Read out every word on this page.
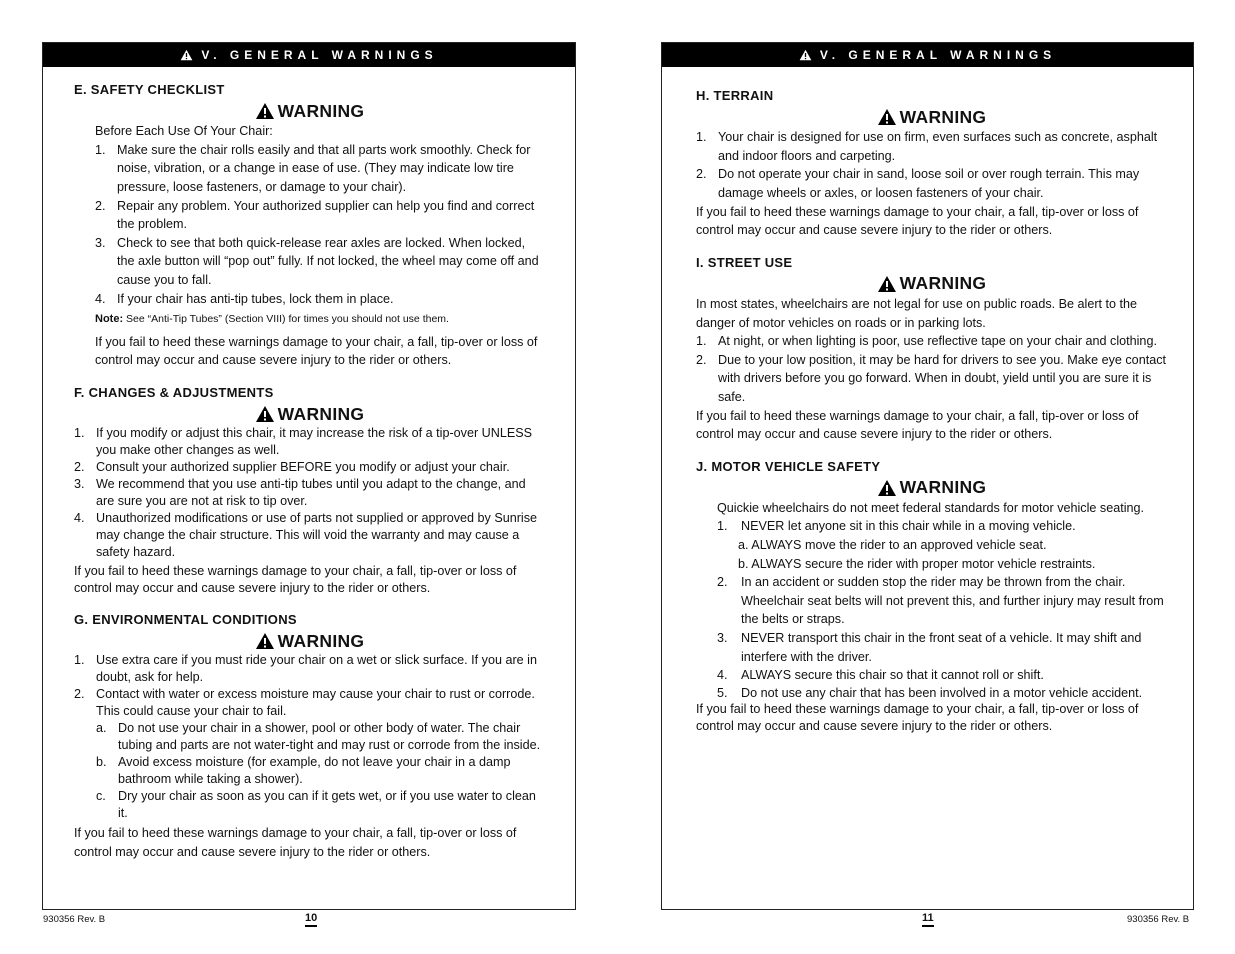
V. GENERAL WARNINGS
E. SAFETY CHECKLIST
WARNING
Before Each Use Of Your Chair:
1. Make sure the chair rolls easily and that all parts work smoothly. Check for noise, vibration, or a change in ease of use. (They may indicate low tire pressure, loose fasteners, or damage to your chair).
2. Repair any problem. Your authorized supplier can help you find and correct the problem.
3. Check to see that both quick-release rear axles are locked. When locked, the axle button will “pop out” fully. If not locked, the wheel may come off and cause you to fall.
4. If your chair has anti-tip tubes, lock them in place.
Note: See “Anti-Tip Tubes” (Section VIII) for times you should not use them.
If you fail to heed these warnings damage to your chair, a fall, tip-over or loss of control may occur and cause severe injury to the rider or others.
F. CHANGES & ADJUSTMENTS
WARNING
1. If you modify or adjust this chair, it may increase the risk of a tip-over UNLESS you make other changes as well.
2. Consult your authorized supplier BEFORE you modify or adjust your chair.
3. We recommend that you use anti-tip tubes until you adapt to the change, and are sure you are not at risk to tip over.
4. Unauthorized modifications or use of parts not supplied or approved by Sunrise may change the chair structure. This will void the warranty and may cause a safety hazard.
If you fail to heed these warnings damage to your chair, a fall, tip-over or loss of control may occur and cause severe injury to the rider or others.
G. ENVIRONMENTAL CONDITIONS
WARNING
1. Use extra care if you must ride your chair on a wet or slick surface. If you are in doubt, ask for help.
2. Contact with water or excess moisture may cause your chair to rust or corrode. This could cause your chair to fail.
a. Do not use your chair in a shower, pool or other body of water. The chair tubing and parts are not water-tight and may rust or corrode from the inside.
b. Avoid excess moisture (for example, do not leave your chair in a damp bathroom while taking a shower).
c. Dry your chair as soon as you can if it gets wet, or if you use water to clean it.
If you fail to heed these warnings damage to your chair, a fall, tip-over or loss of control may occur and cause severe injury to the rider or others.
V. GENERAL WARNINGS
H. TERRAIN
WARNING
1. Your chair is designed for use on firm, even surfaces such as concrete, asphalt and indoor floors and carpeting.
2. Do not operate your chair in sand, loose soil or over rough terrain. This may damage wheels or axles, or loosen fasteners of your chair.
If you fail to heed these warnings damage to your chair, a fall, tip-over or loss of control may occur and cause severe injury to the rider or others.
I. STREET USE
WARNING
In most states, wheelchairs are not legal for use on public roads. Be alert to the danger of motor vehicles on roads or in parking lots.
1. At night, or when lighting is poor, use reflective tape on your chair and clothing.
2. Due to your low position, it may be hard for drivers to see you. Make eye contact with drivers before you go forward. When in doubt, yield until you are sure it is safe.
If you fail to heed these warnings damage to your chair, a fall, tip-over or loss of control may occur and cause severe injury to the rider or others.
J. MOTOR VEHICLE SAFETY
WARNING
Quickie wheelchairs do not meet federal standards for motor vehicle seating.
1. NEVER let anyone sit in this chair while in a moving vehicle.
a. ALWAYS move the rider to an approved vehicle seat.
b. ALWAYS secure the rider with proper motor vehicle restraints.
2. In an accident or sudden stop the rider may be thrown from the chair. Wheelchair seat belts will not prevent this, and further injury may result from the belts or straps.
3. NEVER transport this chair in the front seat of a vehicle. It may shift and interfere with the driver.
4. ALWAYS secure this chair so that it cannot roll or shift.
5. Do not use any chair that has been involved in a motor vehicle accident.
If you fail to heed these warnings damage to your chair, a fall, tip-over or loss of control may occur and cause severe injury to the rider or others.
930356 Rev. B	10	11	930356 Rev. B
